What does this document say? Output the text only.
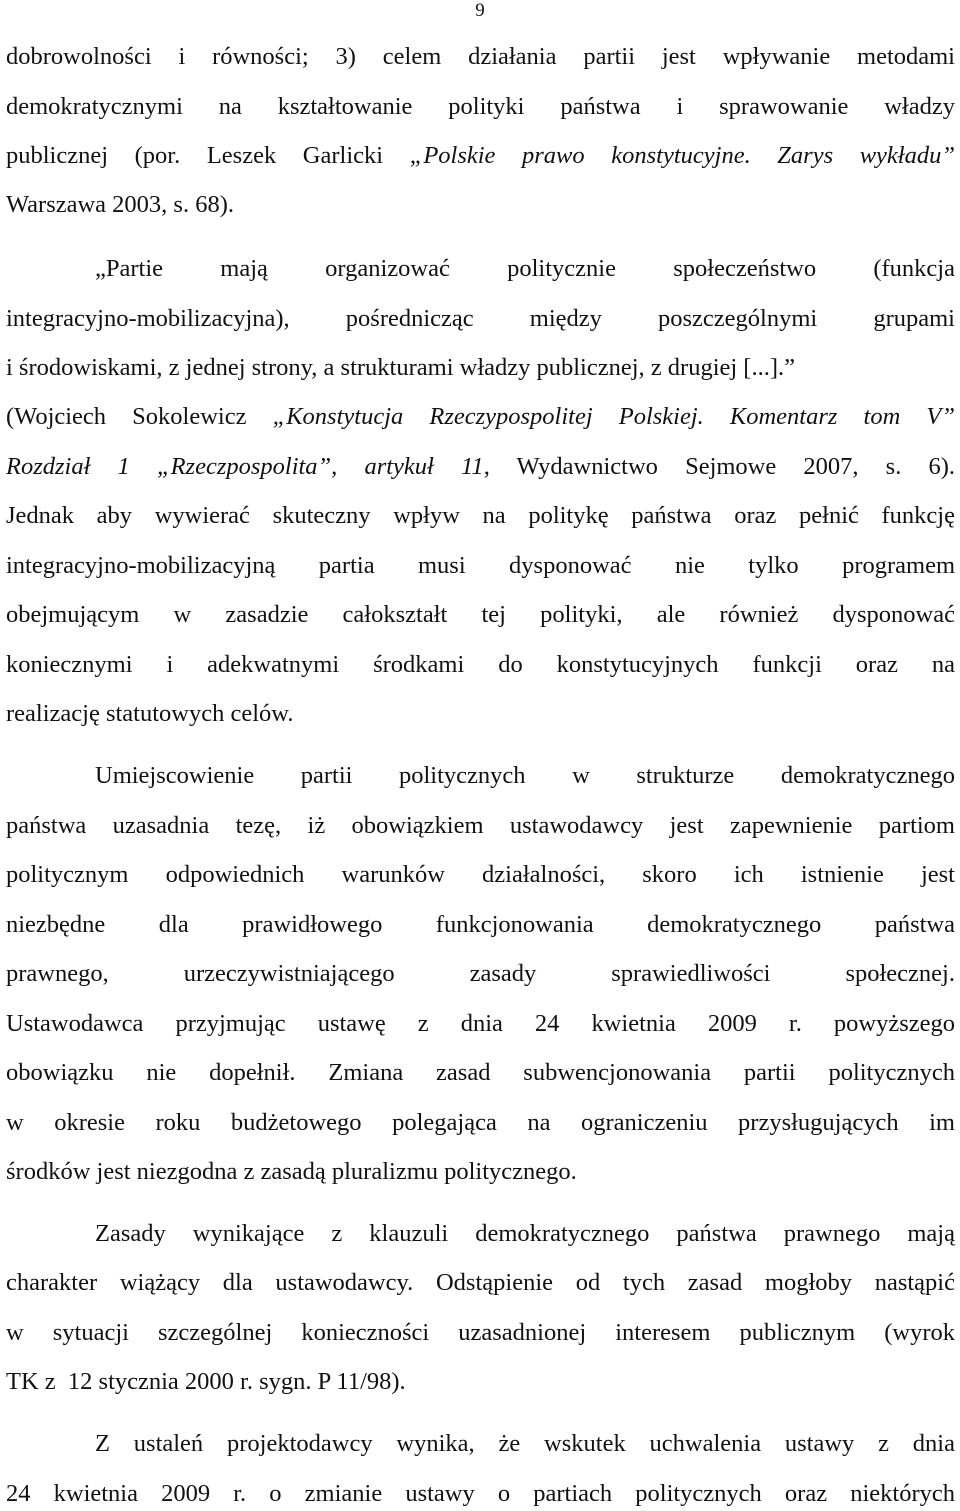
9
dobrowolności i równości; 3) celem działania partii jest wpływanie metodami
demokratycznymi na kształtowanie polityki państwa i sprawowanie władzy
publicznej (por. Leszek Garlicki „Polskie prawo konstytucyjne. Zarys wykładu”
Warszawa 2003, s. 68).
„Partie mają organizować politycznie społeczeństwo (funkcja
integracyjno-mobilizacyjna), pośrednicząc między poszczególnymi grupami
i środowiskami, z jednej strony, a strukturami władzy publicznej, z drugiej [...].”
(Wojciech Sokolewicz „Konstytucja Rzeczypospolitej Polskiej. Komentarz tom V”
Rozdział 1 „Rzeczpospolita”, artykuł 11, Wydawnictwo Sejmowe 2007, s. 6).
Jednak aby wywierać skuteczny wpływ na politykę państwa oraz pełnić funkcję
integracyjno-mobilizacyjną partia musi dysponować nie tylko programem
obejmującym w zasadzie całokształt tej polityki, ale również dysponować
koniecznymi i adekwatnymi środkami do konstytucyjnych funkcji oraz na
realizację statutowych celów.
Umiejscowienie partii politycznych w strukturze demokratycznego
państwa uzasadnia tezę, iż obowiązkiem ustawodawcy jest zapewnienie partiom
politycznym odpowiednich warunków działalności, skoro ich istnienie jest
niezbędne dla prawidłowego funkcjonowania demokratycznego państwa
prawnego, urzeczywistniającego zasady sprawiedliwości społecznej.
Ustawodawca przyjmując ustawę z dnia 24 kwietnia 2009 r. powyższego
obowiązku nie dopełnił. Zmiana zasad subwencjonowania partii politycznych
w okresie roku budżetowego polegająca na ograniczeniu przysługujących im
środków jest niezgodna z zasadą pluralizmu politycznego.
Zasady wynikające z klauzuli demokratycznego państwa prawnego mają
charakter wiążący dla ustawodawcy. Odstąpienie od tych zasad mogłoby nastąpić
w sytuacji szczególnej konieczności uzasadnionej interesem publicznym (wyrok
TK z  12 stycznia 2000 r. sygn. P 11/98).
Z ustaleń projektodawcy wynika, że wskutek uchwalenia ustawy z dnia
24 kwietnia 2009 r. o zmianie ustawy o partiach politycznych oraz niektórych
